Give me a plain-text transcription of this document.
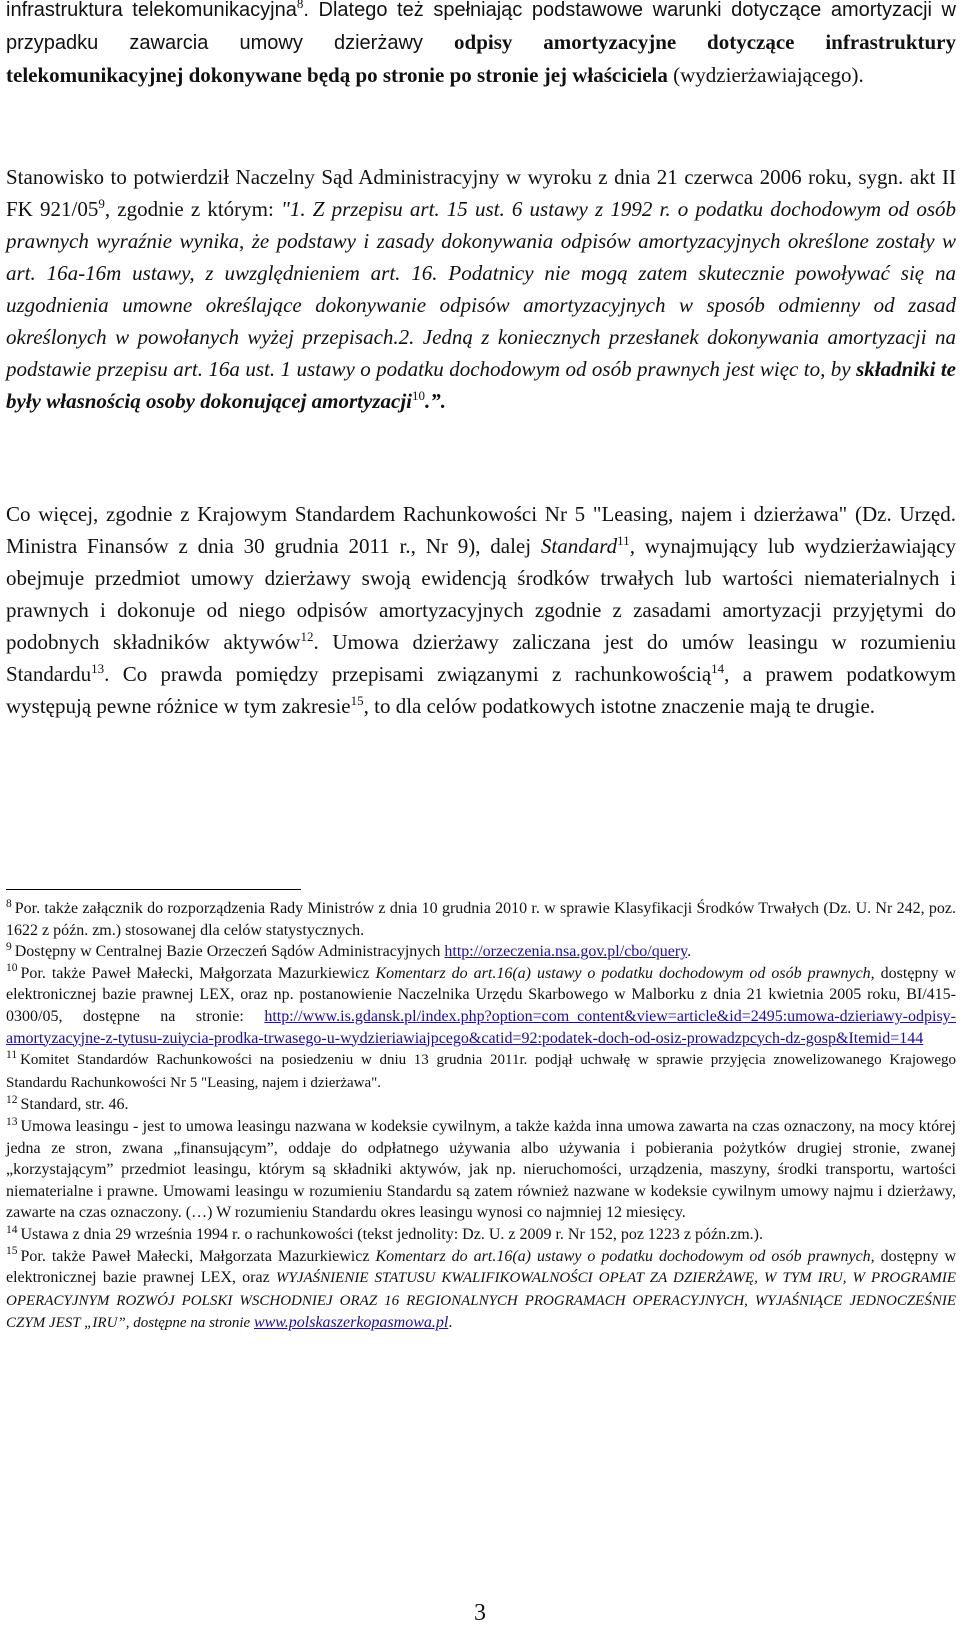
infrastruktura telekomunikacyjna$^8$. Dlatego też spełniając podstawowe warunki dotyczące amortyzacji w przypadku zawarcia umowy dzierżawy odpisy amortyzacyjne dotyczące infrastruktury telekomunikacyjnej dokonywane będą po stronie po stronie jej właściciela (wydzierżawiającego).

Stanowisko to potwierdził Naczelny Sąd Administracyjny w wyroku z dnia 21 czerwca 2006 roku, sygn. akt II FK $921/05^9$, zgodnie z którym: "1. Z przepisu art. 15 ust. 6 ustawy z 1992 r. o podatku dochodowym od osób prawnych wyraźnie wynika, że podstawy i zasady dokonywania odpisów amortyzacyjnych określone zostały w art. 16a-16m ustawy, z uwzględnieniem art. 16. Podatnicy nie mogą zatem skutecznie powoływać się na uzgodnienia umowne określające dokonywanie odpisów amortyzacyjnych w sposób odmienny od zasad określonych w powołanych wyżej przepisach.2. Jedną z koniecznych przesłanek dokonywania amortyzacji na podstawie przepisu art. 16a ust. 1 ustawy o podatku dochodowym od osób prawnych jest więc to, by składniki te były własnością osoby dokonującej amortyzacji$^{10}$.”.

Co więcej, zgodnie z Krajowym Standardem Rachunkowości Nr 5 "Leasing, najem i dzierżawa" (Dz. Urzęd. Ministra Finansów z dnia 30 grudnia 2011 r., Nr 9), dalej Standard$^{11}$, wynajmujący lub wydzierżawiający obejmuje przedmiot umowy dzierżawy swoją ewidencją środków trwałych lub wartości niematerialnych i prawnych i dokonuje od niego odpisów amortyzacyjnych zgodnie z zasadami amortyzacji przyjętymi do podobnych składników aktywów$^{12}$. Umowa dzierżawy zaliczana jest do umów leasingu w rozumieniu Standardu$^{13}$. Co prawda pomiędzy przepisami związanymi z rachunkowością$^{14}$, a prawem podatkowym występują pewne różnice w tym zakresie$^{15}$, to dla celów podatkowych istotne znaczenie mają te drugie.

$^8$ Por. także załącznik do rozporządzenia Rady Ministrów z dnia 10 grudnia 2010 r. w sprawie Klasyfikacji Środków Trwałych (Dz. U. Nr 242, poz. 1622 z późn. zm.) stosowanej dla celów statystycznych.

$^9$ Dostępny w Centralnej Bazie Orzeczeń Sądów Administracyjnych http://orzeczenia.nsa.gov.pl/cbo/query.

$^{10}$ Por. także Paweł Małecki, Małgorzata Mazurkiewicz Komentarz do art.16(a) ustawy o podatku dochodowym od osób prawnych, dostępny w elektronicznej bazie prawnej LEX, oraz np. postanowienie Naczelnika Urzędu Skarbowego w Malborku z dnia 21 kwietnia 2005 roku, BI/415-0300/05, dostępne na stronie: http://www.is.gdansk.pl/index.php?option=com_content&view=article&id=2495:umowa-dzieriawy-odpisy-amortyzacyjne-z-tytusu-zuiycia-prodka-trwasego-u-wydzieriawiajpcego&catid=92:podatek-doch-od-osiz-prowadzpcych-dz-gosp&Itemid=144

$^{11}$ Komitet Standardów Rachunkowości na posiedzeniu w dniu 13 grudnia 2011r. podjął uchwałę w sprawie przyjęcia znowelizowanego Krajowego Standardu Rachunkowości Nr 5 "Leasing, najem i dzierżawa".

$^{12}$ Standard, str. 46.

$^{13}$ Umowa leasingu - jest to umowa leasingu nazwana w kodeksie cywilnym, a także każda inna umowa zawarta na czas oznaczony, na mocy której jedna ze stron, zwana „finansującym”, oddaje do odpłatnego używania albo używania i pobierania pożytków drugiej stronie, zwanej „korzystającym” przedmiot leasingu, którym są składniki aktywów, jak np. nieruchomości, urządzenia, maszyny, środki transportu, wartości niematerialne i prawne. Umowami leasingu w rozumieniu Standardu są zatem również nazwane w kodeksie cywilnym umowy najmu i dzierżawy, zawarte na czas oznaczony. (…) W rozumieniu Standardu okres leasingu wynosi co najmniej 12 miesięcy.

$^{14}$ Ustawa z dnia 29 września 1994 r. o rachunkowości (tekst jednolity: Dz. U. z 2009 r. Nr 152, poz 1223 z późn.zm.).

$^{15}$ Por. także Paweł Małecki, Małgorzata Mazurkiewicz Komentarz do art.16(a) ustawy o podatku dochodowym od osób prawnych, dostępny w elektronicznej bazie prawnej LEX, oraz WYJAŚNIENIE STATUSU KWALIFIKOWALNOŚCI OPŁAT ZA DZIERŻAWĘ, W TYM IRU, W PROGRAMIE OPERACYJNYM ROZWÓJ POLSKI WSCHODNIEJ ORAZ 16 REGIONALNYCH PROGRAMACH OPERACYJNYCH, WYJAŚNIĄCE JEDNOCZEŚNIE CZYM JEST „IRU”, dostępne na stronie www.polskaszerkopasmowa.pl.

3
